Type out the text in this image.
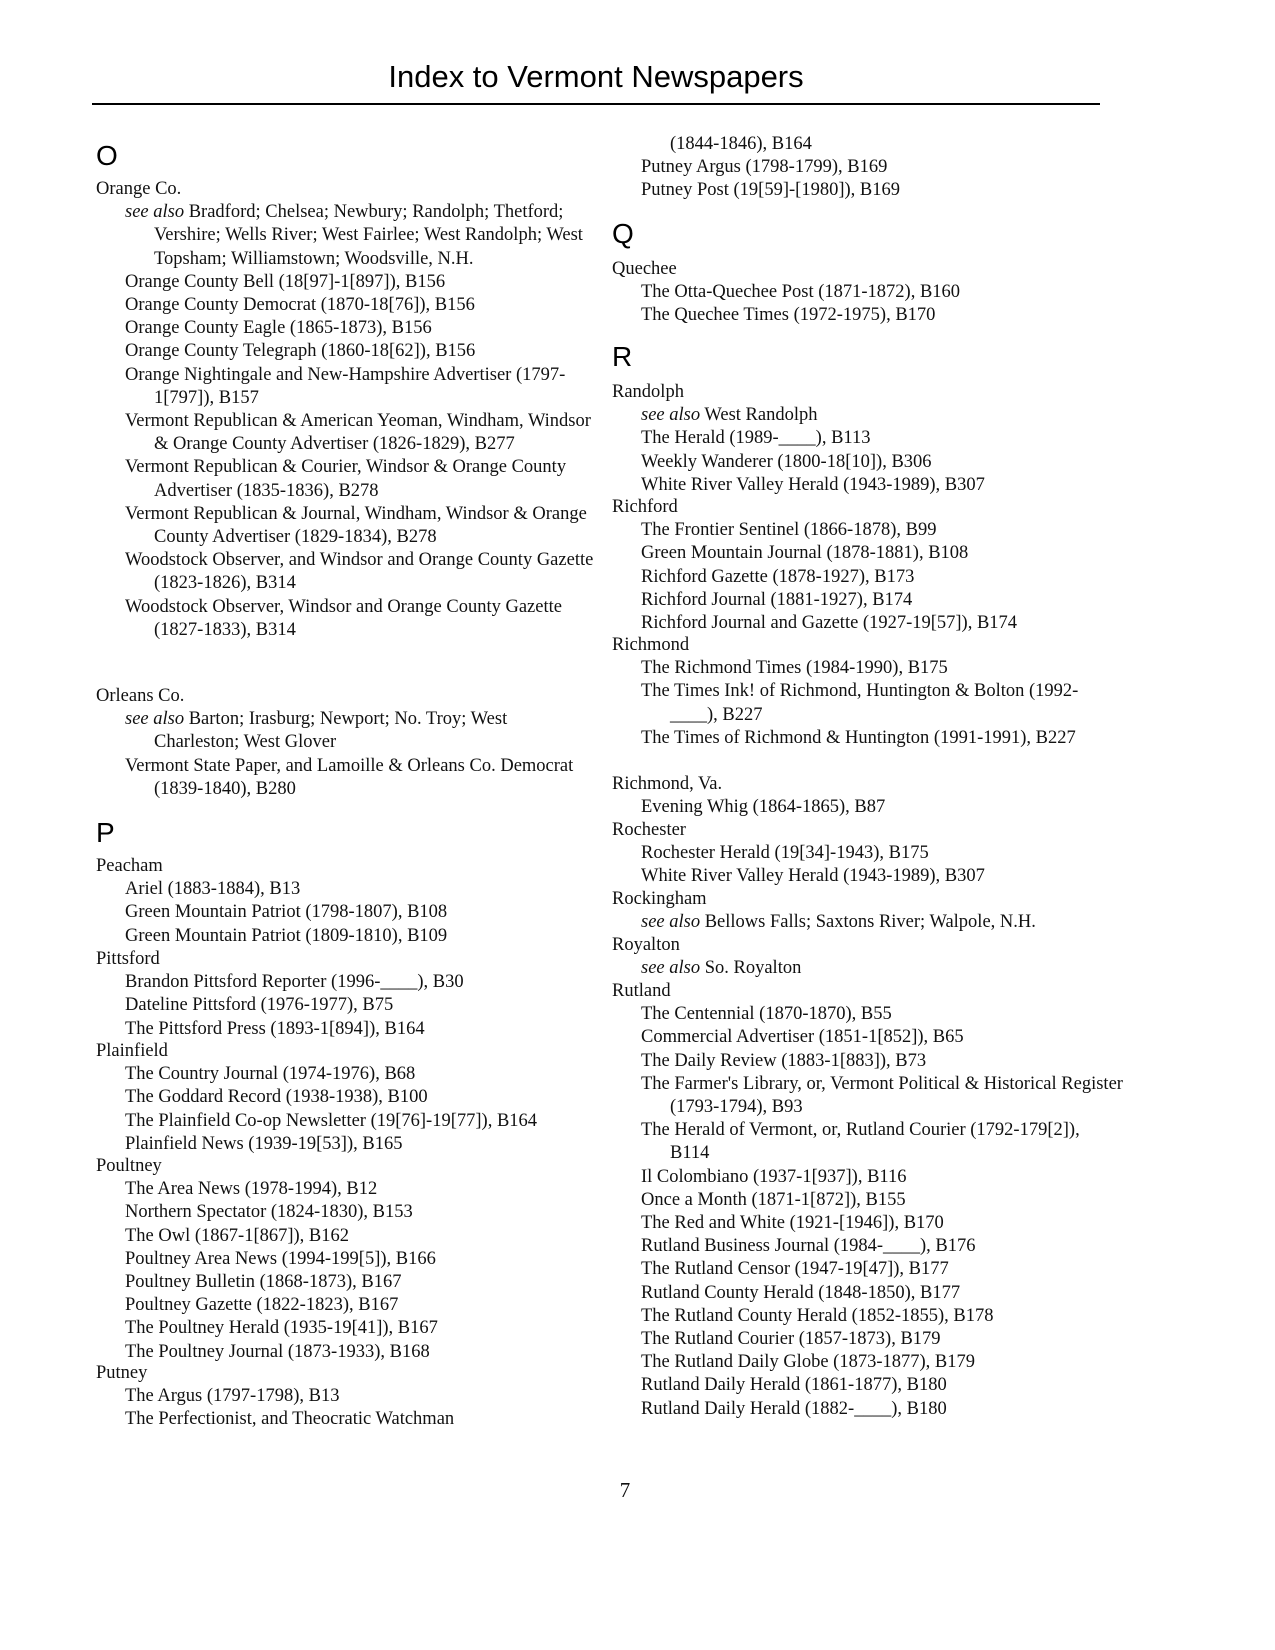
Index to Vermont Newspapers
O
Orange Co.
see also Bradford; Chelsea; Newbury; Randolph; Thetford; Vershire; Wells River; West Fairlee; West Randolph; West Topsham; Williamstown; Woodsville, N.H.
Orange County Bell (18[97]-1[897]), B156
Orange County Democrat (1870-18[76]), B156
Orange County Eagle (1865-1873), B156
Orange County Telegraph (1860-18[62]), B156
Orange Nightingale and New-Hampshire Advertiser (1797-1[797]), B157
Vermont Republican & American Yeoman, Windham, Windsor & Orange County Advertiser (1826-1829), B277
Vermont Republican & Courier, Windsor & Orange County Advertiser (1835-1836), B278
Vermont Republican & Journal, Windham, Windsor & Orange County Advertiser (1829-1834), B278
Woodstock Observer, and Windsor and Orange County Gazette (1823-1826), B314
Woodstock Observer, Windsor and Orange County Gazette (1827-1833), B314
Orleans Co.
see also Barton; Irasburg; Newport; No. Troy; West Charleston; West Glover
Vermont State Paper, and Lamoille & Orleans Co. Democrat (1839-1840), B280
P
Peacham
Ariel (1883-1884), B13
Green Mountain Patriot (1798-1807), B108
Green Mountain Patriot (1809-1810), B109
Pittsford
Brandon Pittsford Reporter (1996-____), B30
Dateline Pittsford (1976-1977), B75
The Pittsford Press (1893-1[894]), B164
Plainfield
The Country Journal (1974-1976), B68
The Goddard Record (1938-1938), B100
The Plainfield Co-op Newsletter (19[76]-19[77]), B164
Plainfield News (1939-19[53]), B165
Poultney
The Area News (1978-1994), B12
Northern Spectator (1824-1830), B153
The Owl (1867-1[867]), B162
Poultney Area News (1994-199[5]), B166
Poultney Bulletin (1868-1873), B167
Poultney Gazette (1822-1823), B167
The Poultney Herald (1935-19[41]), B167
The Poultney Journal (1873-1933), B168
Putney
The Argus (1797-1798), B13
The Perfectionist, and Theocratic Watchman
(1844-1846), B164
Putney Argus (1798-1799), B169
Putney Post (19[59]-[1980]), B169
Q
Quechee
The Otta-Quechee Post (1871-1872), B160
The Quechee Times (1972-1975), B170
R
Randolph
see also West Randolph
The Herald (1989-____), B113
Weekly Wanderer (1800-18[10]), B306
White River Valley Herald (1943-1989), B307
Richford
The Frontier Sentinel (1866-1878), B99
Green Mountain Journal (1878-1881), B108
Richford Gazette (1878-1927), B173
Richford Journal (1881-1927), B174
Richford Journal and Gazette (1927-19[57]), B174
Richmond
The Richmond Times (1984-1990), B175
The Times Ink! of Richmond, Huntington & Bolton (1992-____), B227
The Times of Richmond & Huntington (1991-1991), B227
Richmond, Va.
Evening Whig (1864-1865), B87
Rochester
Rochester Herald (19[34]-1943), B175
White River Valley Herald (1943-1989), B307
Rockingham
see also Bellows Falls; Saxtons River; Walpole, N.H.
Royalton
see also So. Royalton
Rutland
The Centennial (1870-1870), B55
Commercial Advertiser (1851-1[852]), B65
The Daily Review (1883-1[883]), B73
The Farmer's Library, or, Vermont Political & Historical Register (1793-1794), B93
The Herald of Vermont, or, Rutland Courier (1792-179[2]), B114
Il Colombiano (1937-1[937]), B116
Once a Month (1871-1[872]), B155
The Red and White (1921-[1946]), B170
Rutland Business Journal (1984-____), B176
The Rutland Censor (1947-19[47]), B177
Rutland County Herald (1848-1850), B177
The Rutland County Herald (1852-1855), B178
The Rutland Courier (1857-1873), B179
The Rutland Daily Globe (1873-1877), B179
Rutland Daily Herald (1861-1877), B180
Rutland Daily Herald (1882-____), B180
7
